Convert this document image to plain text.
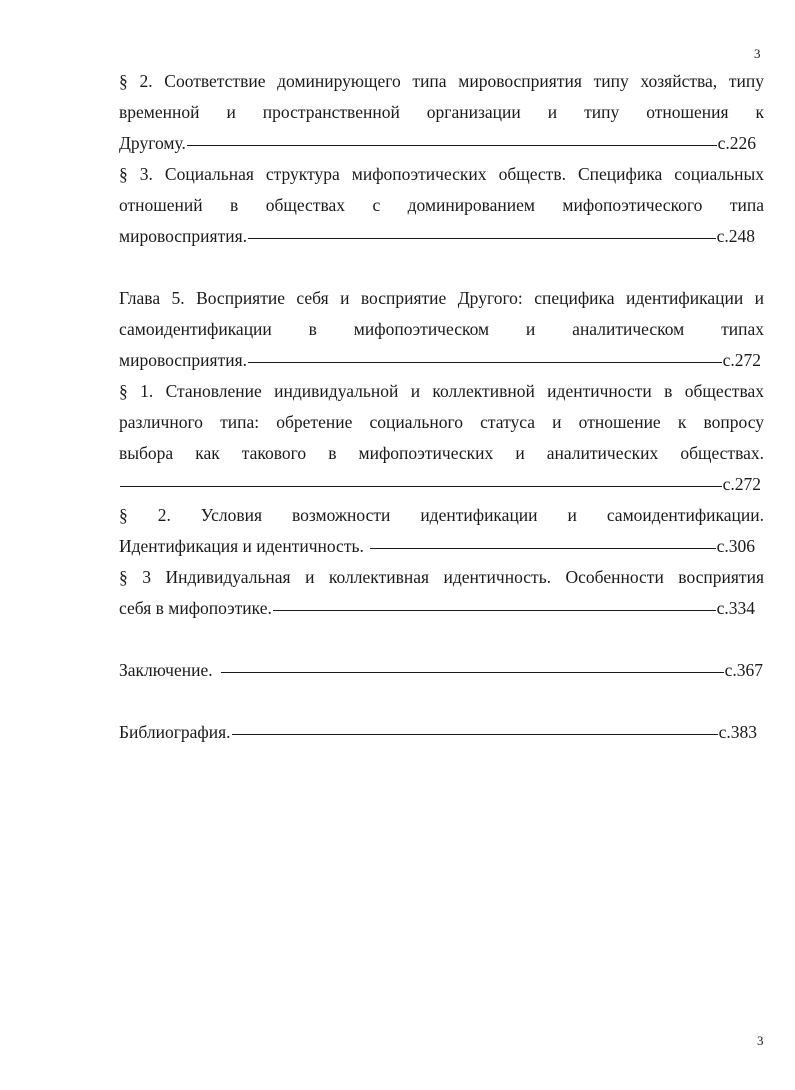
3
§ 2. Соответствие доминирующего типа мировосприятия типу хозяйства, типу
временной и пространственной организации и типу отношения к
Другому.	с.226
§ 3. Социальная структура мифопоэтических обществ. Специфика социальных
отношений в обществах с доминированием мифопоэтического типа
мировосприятия.	с.248
Глава 5. Восприятие себя и восприятие Другого: специфика идентификации и
самоидентификации в мифопоэтическом и аналитическом типах
мировосприятия.	с.272
§ 1. Становление индивидуальной и коллективной идентичности в обществах
различного типа: обретение социального статуса и отношение к вопросу
выбора как такового в мифопоэтических и аналитических обществах.
с.272
§ 2. Условия возможности идентификации и самоидентификации.
Идентификация и идентичность.	с.306
§ 3 Индивидуальная и коллективная идентичность. Особенности восприятия
себя в мифопоэтике.	с.334
Заключение.	с.367
Библиография.	с.383
3
